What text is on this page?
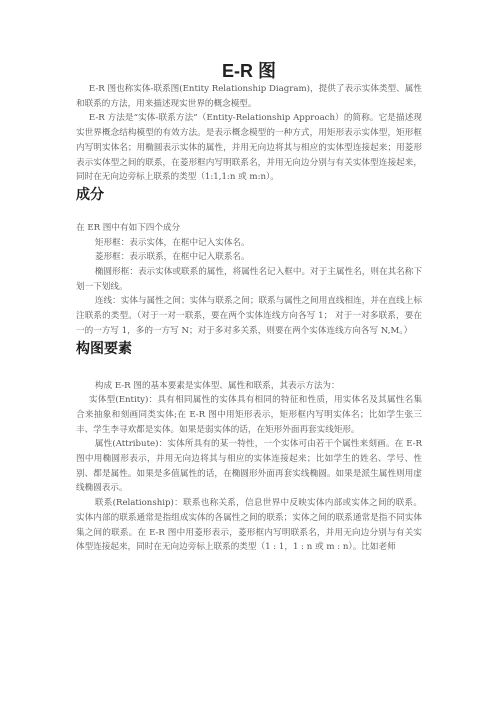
E-R 图

E-R 图也称实体-联系图(Entity Relationship Diagram)，提供了表示实体类型、属性和联系的方法，用来描述现实世界的概念模型。

E-R 方法是“实体-联系方法”（Entity-Relationship Approach）的简称。它是描述现实世界概念结构模型的有效方法。是表示概念模型的一种方式，用矩形表示实体型，矩形框内写明实体名；用椭圆表示实体的属性，并用无向边将其与相应的实体型连接起来；用菱形表示实体型之间的联系，在菱形框内写明联系名，并用无向边分别与有关实体型连接起来，同时在无向边旁标上联系的类型（1:1,1:n 或 m:n）。

成分

在 ER 图中有如下四个成分

矩形框：表示实体，在框中记入实体名。

菱形框：表示联系，在框中记入联系名。

椭圆形框：表示实体或联系的属性，将属性名记入框中。对于主属性名，则在其名称下划一下划线。

连线：实体与属性之间；实体与联系之间；联系与属性之间用直线相连，并在直线上标注联系的类型。（对于一对一联系，要在两个实体连线方向各写 1； 对于一对多联系，要在一的一方写 1，多的一方写 N；对于多对多关系，则要在两个实体连线方向各写 N,M。）

构图要素

构成 E-R 图的基本要素是实体型、属性和联系，其表示方法为：

实体型(Entity)：具有相同属性的实体具有相同的特征和性质，用实体名及其属性名集合来抽象和刻画同类实体;在 E-R 图中用矩形表示，矩形框内写明实体名；比如学生张三丰、学生李寻欢都是实体。如果是弱实体的话，在矩形外面再套实线矩形。

属性(Attribute)：实体所具有的某一特性，一个实体可由若干个属性来刻画。在 E-R 图中用椭圆形表示，并用无向边将其与相应的实体连接起来；比如学生的姓名、学号、性别、都是属性。如果是多值属性的话，在椭圆形外面再套实线椭圆。如果是派生属性则用虚线椭圆表示。

联系(Relationship)：联系也称关系，信息世界中反映实体内部或实体之间的联系。实体内部的联系通常是指组成实体的各属性之间的联系；实体之间的联系通常是指不同实体集之间的联系。在 E-R 图中用菱形表示，菱形框内写明联系名，并用无向边分别与有关实体型连接起来，同时在无向边旁标上联系的类型（1 : 1，1 : n 或 m : n）。比如老师
